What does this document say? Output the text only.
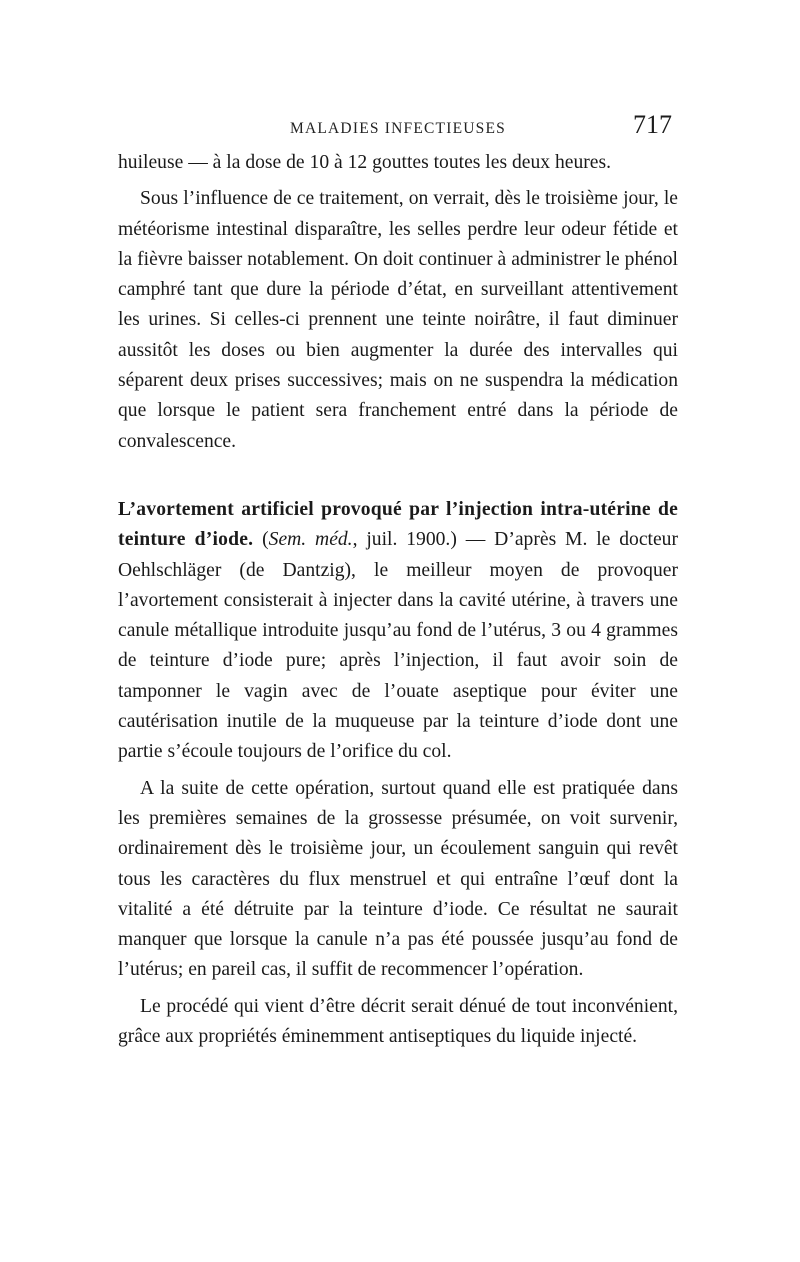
MALADIES INFECTIEUSES	717

huileuse — à la dose de 10 à 12 gouttes toutes les deux heures.

Sous l’influence de ce traitement, on verrait, dès le troisième jour, le météorisme intestinal disparaître, les selles perdre leur odeur fétide et la fièvre baisser notablement. On doit continuer à administrer le phénol camphré tant que dure la période d’état, en surveillant attentivement les urines. Si celles-ci prennent une teinte noirâtre, il faut diminuer aussitôt les doses ou bien augmenter la durée des intervalles qui séparent deux prises successives; mais on ne suspendra la médication que lorsque le patient sera franchement entré dans la période de convalescence.

L’avortement artificiel provoqué par l’injection intra-utérine de teinture d’iode. (Sem. méd., juil. 1900.) — D’après M. le docteur Oehlschläger (de Dantzig), le meilleur moyen de provoquer l’avortement consisterait à injecter dans la cavité utérine, à travers une canule métallique introduite jusqu’au fond de l’utérus, 3 ou 4 grammes de teinture d’iode pure; après l’injection, il faut avoir soin de tamponner le vagin avec de l’ouate aseptique pour éviter une cautérisation inutile de la muqueuse par la teinture d’iode dont une partie s’écoule toujours de l’orifice du col.

A la suite de cette opération, surtout quand elle est pratiquée dans les premières semaines de la grossesse présumée, on voit survenir, ordinairement dès le troisième jour, un écoulement sanguin qui revêt tous les caractères du flux menstruel et qui entraîne l’œuf dont la vitalité a été détruite par la teinture d’iode. Ce résultat ne saurait manquer que lorsque la canule n’a pas été poussée jusqu’au fond de l’utérus; en pareil cas, il suffit de recommencer l’opération.

Le procédé qui vient d’être décrit serait dénué de tout inconvénient, grâce aux propriétés éminemment antiseptiques du liquide injecté.
